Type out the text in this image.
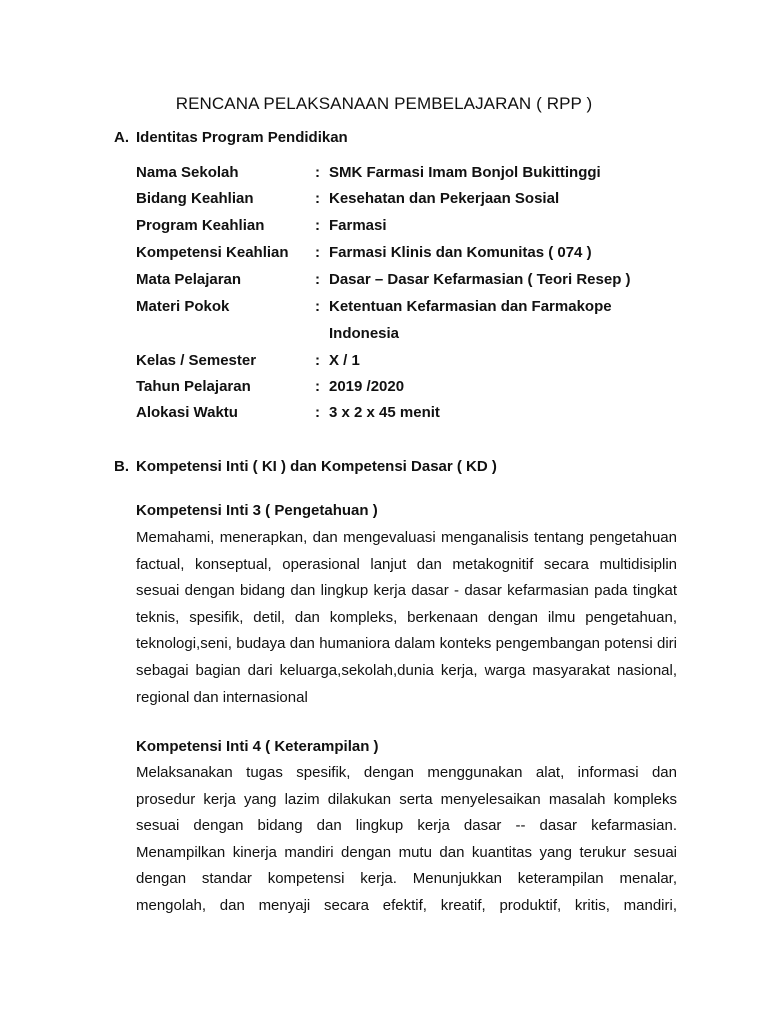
RENCANA PELAKSANAAN PEMBELAJARAN ( RPP )
A. Identitas Program Pendidikan
Nama Sekolah	: SMK Farmasi Imam Bonjol Bukittinggi
Bidang Keahlian	: Kesehatan dan Pekerjaan Sosial
Program Keahlian	: Farmasi
Kompetensi Keahlian : Farmasi Klinis dan Komunitas ( 074 )
Mata Pelajaran	: Dasar – Dasar Kefarmasian ( Teori Resep )
Materi Pokok	: Ketentuan Kefarmasian dan Farmakope
Indonesia
Kelas / Semester	: X / 1
Tahun Pelajaran	: 2019 /2020
Alokasi Waktu	: 3 x 2 x 45 menit
B. Kompetensi Inti ( KI ) dan Kompetensi Dasar ( KD )
Kompetensi Inti 3 ( Pengetahuan )
Memahami, menerapkan, dan mengevaluasi menganalisis tentang pengetahuan
factual, konseptual, operasional lanjut dan metakognitif secara multidisiplin
sesuai dengan bidang dan lingkup kerja dasar - dasar kefarmasian pada tingkat
teknis, spesifik, detil, dan kompleks, berkenaan dengan ilmu pengetahuan,
teknologi,seni, budaya dan humaniora dalam konteks pengembangan potensi diri
sebagai bagian dari keluarga,sekolah,dunia kerja, warga masyarakat nasional,
regional dan internasional
Kompetensi Inti 4 ( Keterampilan )
Melaksanakan tugas spesifik, dengan menggunakan alat, informasi dan
prosedur kerja yang lazim dilakukan serta menyelesaikan masalah kompleks
sesuai dengan bidang dan lingkup kerja dasar -- dasar kefarmasian.
Menampilkan kinerja mandiri dengan mutu dan kuantitas yang terukur sesuai
dengan standar kompetensi kerja. Menunjukkan keterampilan menalar,
mengolah, dan menyaji secara efektif, kreatif, produktif, kritis, mandiri,
